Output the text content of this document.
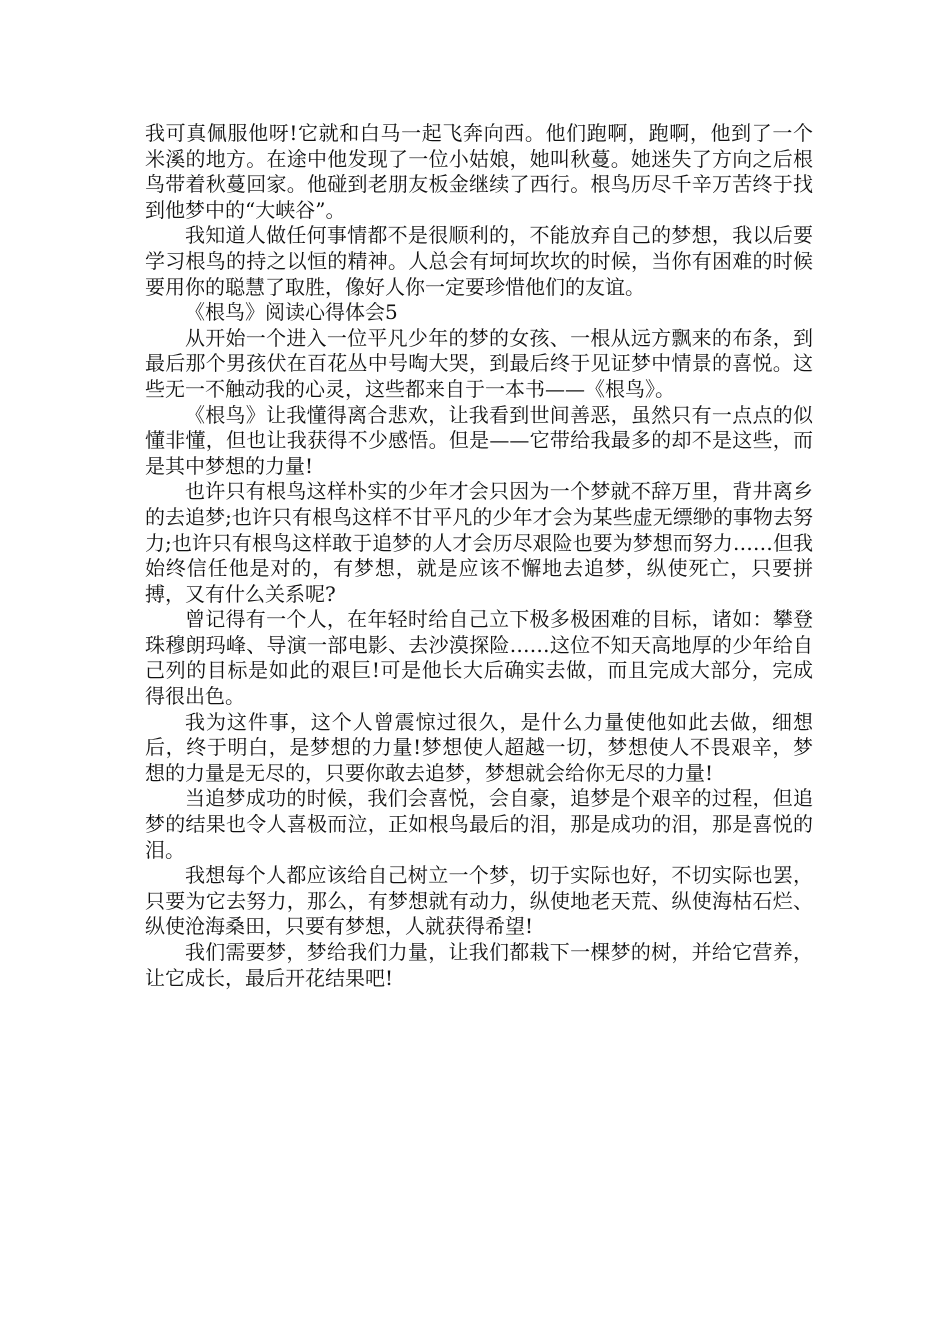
我可真佩服他呀!它就和白马一起飞奔向西。他们跑啊，跑啊，他到了一个米溪的地方。在途中他发现了一位小姑娘，她叫秋蔓。她迷失了方向之后根鸟带着秋蔓回家。他碰到老朋友板金继续了西行。根鸟历尽千辛万苦终于找到他梦中的“大峡谷”。

我知道人做任何事情都不是很顺利的，不能放弃自己的梦想，我以后要学习根鸟的持之以恒的精神。人总会有坷坷坎坎的时候，当你有困难的时候要用你的聪慧了取胜，像好人你一定要珍惜他们的友谊。

《根鸟》阅读心得体会5

从开始一个进入一位平凡少年的梦的女孩、一根从远方飘来的布条，到最后那个男孩伏在百花丛中号啕大哭，到最后终于见证梦中情景的喜悦。这些无一不触动我的心灵，这些都来自于一本书——《根鸟》。

《根鸟》让我懂得离合悲欢，让我看到世间善恶，虽然只有一点点的似懂非懂，但也让我获得不少感悟。但是——它带给我最多的却不是这些，而是其中梦想的力量!

也许只有根鸟这样朴实的少年才会只因为一个梦就不辞万里，背井离乡的去追梦;也许只有根鸟这样不甘平凡的少年才会为某些虚无缥缈的事物去努力;也许只有根鸟这样敢于追梦的人才会历尽艰险也要为梦想而努力……但我始终信任他是对的，有梦想，就是应该不懈地去追梦，纵使死亡，只要拼搏，又有什么关系呢?

曾记得有一个人，在年轻时给自己立下极多极困难的目标，诸如：攀登珠穆朗玛峰、导演一部电影、去沙漠探险……这位不知天高地厚的少年给自己列的目标是如此的艰巨!可是他长大后确实去做，而且完成大部分，完成得很出色。

我为这件事，这个人曾震惊过很久，是什么力量使他如此去做，细想后，终于明白，是梦想的力量!梦想使人超越一切，梦想使人不畏艰辛，梦想的力量是无尽的，只要你敢去追梦，梦想就会给你无尽的力量!

当追梦成功的时候，我们会喜悦，会自豪，追梦是个艰辛的过程，但追梦的结果也令人喜极而泣，正如根鸟最后的泪，那是成功的泪，那是喜悦的泪。

我想每个人都应该给自己树立一个梦，切于实际也好，不切实际也罢，只要为它去努力，那么，有梦想就有动力，纵使地老天荒、纵使海枯石烂、纵使沧海桑田，只要有梦想，人就获得希望!

我们需要梦，梦给我们力量，让我们都栽下一棵梦的树，并给它营养，让它成长，最后开花结果吧!
